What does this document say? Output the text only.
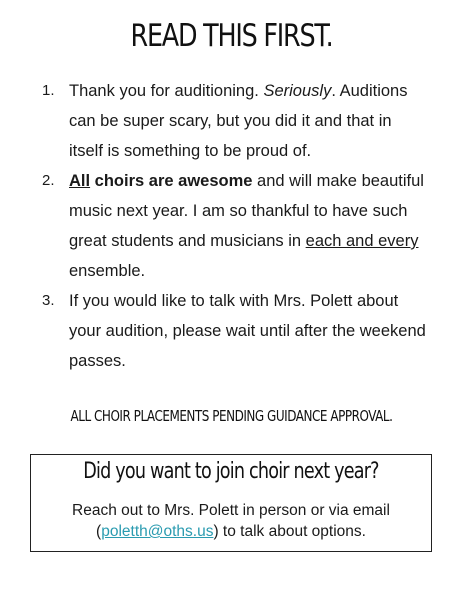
READ THIS FIRST.
1. Thank you for auditioning. Seriously. Auditions can be super scary, but you did it and that in itself is something to be proud of.
2. All choirs are awesome and will make beautiful music next year. I am so thankful to have such great students and musicians in each and every ensemble.
3. If you would like to talk with Mrs. Polett about your audition, please wait until after the weekend passes.
ALL CHOIR PLACEMENTS PENDING GUIDANCE APPROVAL.
Did you want to join choir next year?
Reach out to Mrs. Polett in person or via email
(poletth@oths.us) to talk about options.
